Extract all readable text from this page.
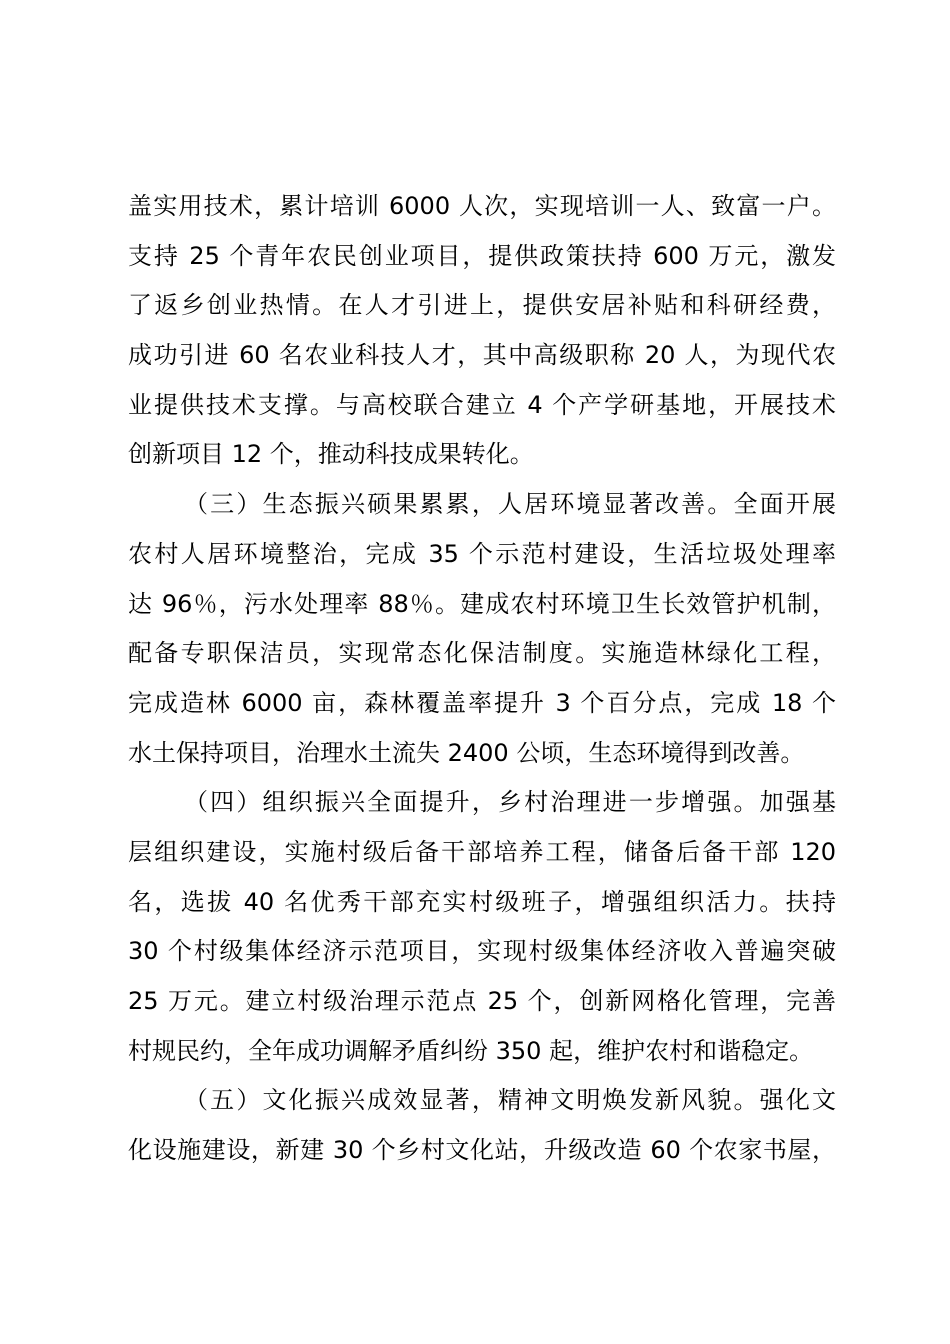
盖实用技术，累计培训 6000 人次，实现培训一人、致富一户。
支持 25 个青年农民创业项目，提供政策扶持 600 万元，激发
了返乡创业热情。在人才引进上，提供安居补贴和科研经费，
成功引进 60 名农业科技人才，其中高级职称 20 人，为现代农
业提供技术支撑。与高校联合建立 4 个产学研基地，开展技术
创新项目 12 个，推动科技成果转化。
（三）生态振兴硕果累累，人居环境显著改善。全面开展
农村人居环境整治，完成 35 个示范村建设，生活垃圾处理率
达 96％，污水处理率 88％。建成农村环境卫生长效管护机制，
配备专职保洁员，实现常态化保洁制度。实施造林绿化工程，
完成造林 6000 亩，森林覆盖率提升 3 个百分点，完成 18 个
水土保持项目，治理水土流失 2400 公顷，生态环境得到改善。
（四）组织振兴全面提升，乡村治理进一步增强。加强基
层组织建设，实施村级后备干部培养工程，储备后备干部 120
名，选拔 40 名优秀干部充实村级班子，增强组织活力。扶持
30 个村级集体经济示范项目，实现村级集体经济收入普遍突破
25 万元。建立村级治理示范点 25 个，创新网格化管理，完善
村规民约，全年成功调解矛盾纠纷 350 起，维护农村和谐稳定。
（五）文化振兴成效显著，精神文明焕发新风貌。强化文
化设施建设，新建 30 个乡村文化站，升级改造 60 个农家书屋，
